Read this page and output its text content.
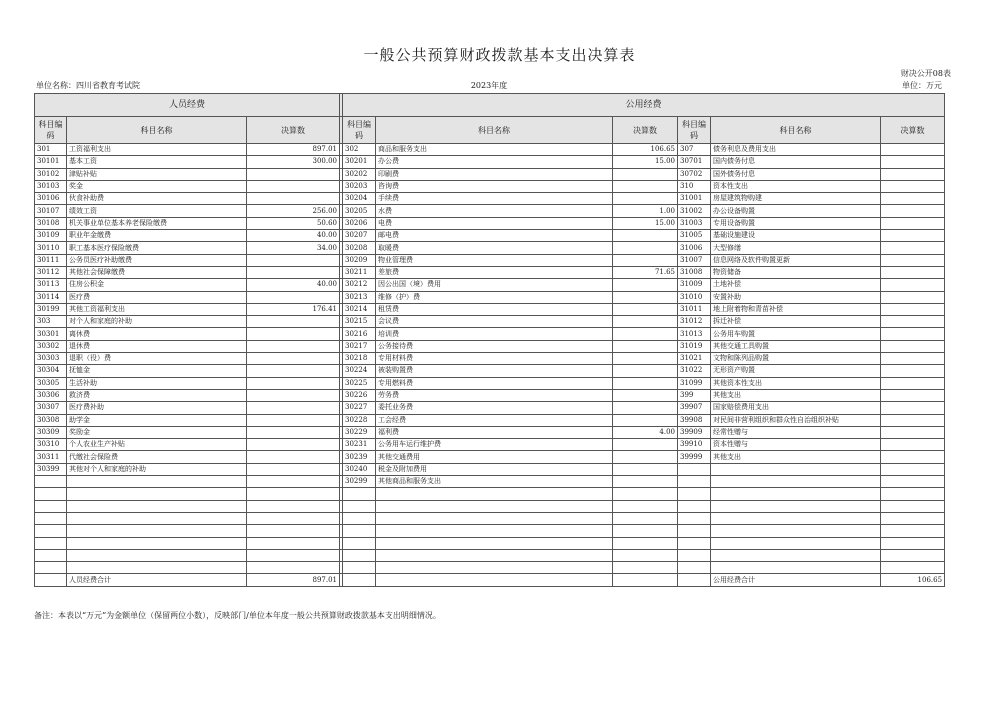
一般公共预算财政拨款基本支出决算表
财决公开08表
单位名称：四川省教育考试院	2023年度	单位：万元
人员经费				公用经费					
科目编码	科目名称	决算数		科目编码	科目名称	决算数	科目编码	科目名称	决算数
301	工资福利支出	897.01		302	商品和服务支出	106.65	307	债务利息及费用支出	
30101	基本工资	300.00		30201	办公费	15.00	30701	国内债务付息	
30102	津贴补贴			30202	印刷费		30702	国外债务付息	
30103	奖金			30203	咨询费		310	资本性支出	
30106	伙食补助费			30204	手续费		31001	房屋建筑物购建	
30107	绩效工资	256.00		30205	水费	1.00	31002	办公设备购置	
30108	机关事业单位基本养老保险缴费	50.60		30206	电费	15.00	31003	专用设备购置	
30109	职业年金缴费	40.00		30207	邮电费		31005	基础设施建设	
30110	职工基本医疗保险缴费	34.00		30208	取暖费		31006	大型修缮	
30111	公务员医疗补助缴费			30209	物业管理费		31007	信息网络及软件购置更新	
30112	其他社会保障缴费			30211	差旅费	71.65	31008	物资储备	
30113	住房公积金	40.00		30212	因公出国（境）费用		31009	土地补偿	
30114	医疗费			30213	维修（护）费		31010	安置补助	
30199	其他工资福利支出	176.41		30214	租赁费		31011	地上附着物和青苗补偿	
303	对个人和家庭的补助			30215	会议费		31012	拆迁补偿	
30301	离休费			30216	培训费		31013	公务用车购置	
30302	退休费			30217	公务接待费		31019	其他交通工具购置	
30303	退职（役）费			30218	专用材料费		31021	文物和陈列品购置	
30304	抚恤金			30224	被装购置费		31022	无形资产购置	
30305	生活补助			30225	专用燃料费		31099	其他资本性支出	
30306	救济费			30226	劳务费		399	其他支出	
30307	医疗费补助			30227	委托业务费		39907	国家赔偿费用支出	
30308	助学金			30228	工会经费		39908	对民间非营利组织和群众性自治组织补贴	
30309	奖励金			30229	福利费	4.00	39909	经常性赠与	
30310	个人农业生产补贴			30231	公务用车运行维护费		39910	资本性赠与	
30311	代缴社会保险费			30239	其他交通费用		39999	其他支出	
30399	其他对个人和家庭的补助			30240	税金及附加费用				
				30299	其他商品和服务支出				

	人员经费合计	897.01						公用经费合计	106.65
备注：本表以“万元”为金额单位（保留两位小数），反映部门/单位本年度一般公共预算财政拨款基本支出明细情况。
